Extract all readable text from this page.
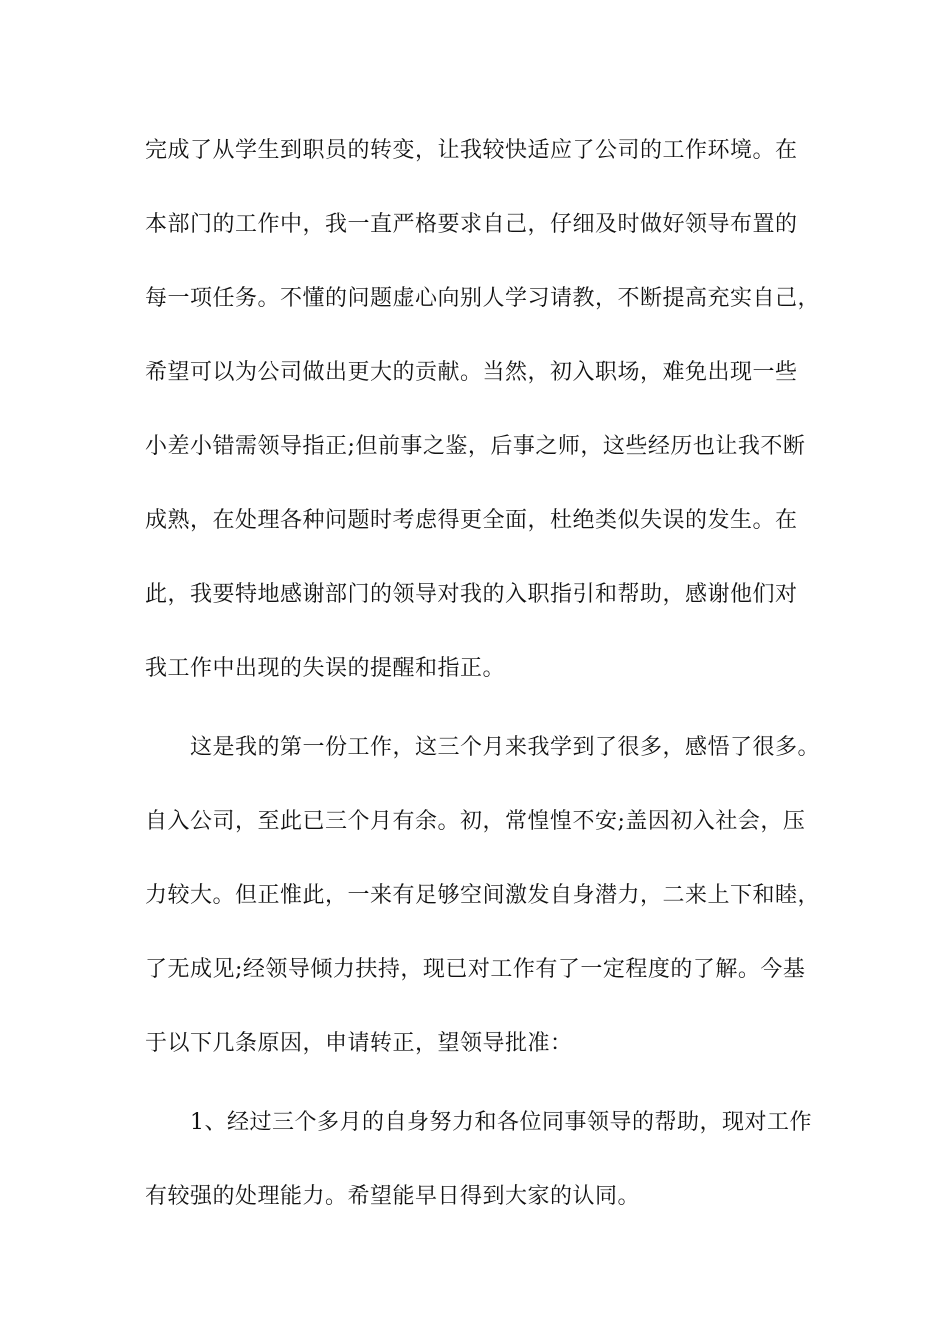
完成了从学生到职员的转变，让我较快适应了公司的工作环境。在
本部门的工作中，我一直严格要求自己，仔细及时做好领导布置的
每一项任务。不懂的问题虚心向别人学习请教，不断提高充实自己，
希望可以为公司做出更大的贡献。当然，初入职场，难免出现一些
小差小错需领导指正;但前事之鉴，后事之师，这些经历也让我不断
成熟，在处理各种问题时考虑得更全面，杜绝类似失误的发生。在
此，我要特地感谢部门的领导对我的入职指引和帮助，感谢他们对
我工作中出现的失误的提醒和指正。
这是我的第一份工作，这三个月来我学到了很多，感悟了很多。
自入公司，至此已三个月有余。初，常惶惶不安;盖因初入社会，压
力较大。但正惟此，一来有足够空间激发自身潜力，二来上下和睦，
了无成见;经领导倾力扶持，现已对工作有了一定程度的了解。今基
于以下几条原因，申请转正，望领导批准：
1、经过三个多月的自身努力和各位同事领导的帮助，现对工作
有较强的处理能力。希望能早日得到大家的认同。
